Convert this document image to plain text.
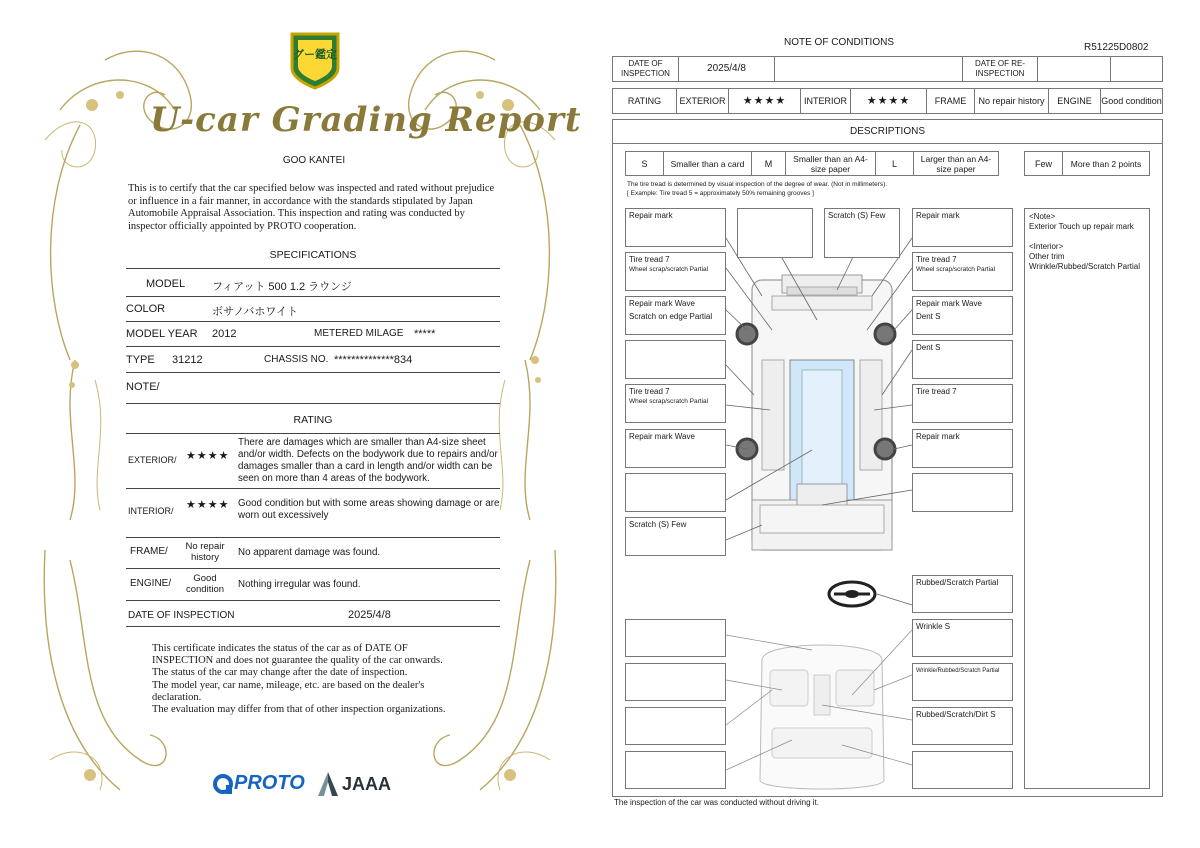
グー鑑定
U-car Grading Report
GOO KANTEI
This is to certify that the car specified below was inspected and rated without prejudice or influence in a fair manner, in accordance with the standards stipulated by Japan Automobile Appraisal Association. This inspection and rating was conducted by inspector officially appointed by PROTO cooperation.
SPECIFICATIONS
MODEL フィアット 500 1.2 ラウンジ
COLOR	ボサノバホワイト
MODEL YEAR 2012	METERED MILAGE *****
TYPE 31212	CHASSIS NO. **************834
NOTE/
RATING
EXTERIOR/ ★★★★
There are damages which are smaller than A4-size sheet and/or width. Defects on the bodywork due to repairs and/or damages smaller than a card in length and/or width can be seen on more than 4 areas of the bodywork.
INTERIOR/ ★★★★ Good condition but with some areas showing damage or are worn out excessively
FRAME/	No repair history	No apparent damage was found.
ENGINE/	Good condition	Nothing irregular was found.
DATE OF INSPECTION	2025/4/8
This certificate indicates the status of the car as of DATE OF
INSPECTION and does not guarantee the quality of the car onwards.
The status of the car may change after the date of inspection.
The model year, car name, mileage, etc. are based on the dealer's
declaration.
The evaluation may differ from that of other inspection organizations.
PROTO JAAA
NOTE OF CONDITIONS	R51225D0802
DATE OF INSPECTION	2025/4/8	DATE OF RE-INSPECTION
RATING	EXTERIOR	★★★★	INTERIOR	★★★★	FRAME	No repair history	ENGINE	Good condition
DESCRIPTIONS
S	Smaller than a card	M	Smaller than an A4-size paper	L	Larger than an A4-size paper	Few	More than 2 points
The tire tread is determined by visual inspection of the degree of wear. (Not in millimeters).
[ Example: Tire tread 5 = approximately 50% remaining grooves ]
Repair mark
Tire tread 7
Wheel scrap/scratch Partial
Repair mark Wave
Scratch on edge Partial
Tire tread 7
Wheel scrap/scratch Partial
Repair mark Wave
Scratch (S) Few
Scratch (S) Few	Repair mark
Tire tread 7
Wheel scrap/scratch Partial
Repair mark Wave
Dent S
Dent S
Tire tread 7
Repair mark
Rubbed/Scratch Partial
Wrinkle S
Wrinkle/Rubbed/Scratch Partial
Rubbed/Scratch/Dirt S
<Note>
Exterior Touch up repair mark
<Interior>
Other trim Wrinkle/Rubbed/Scratch Partial
The inspection of the car was conducted without driving it.
